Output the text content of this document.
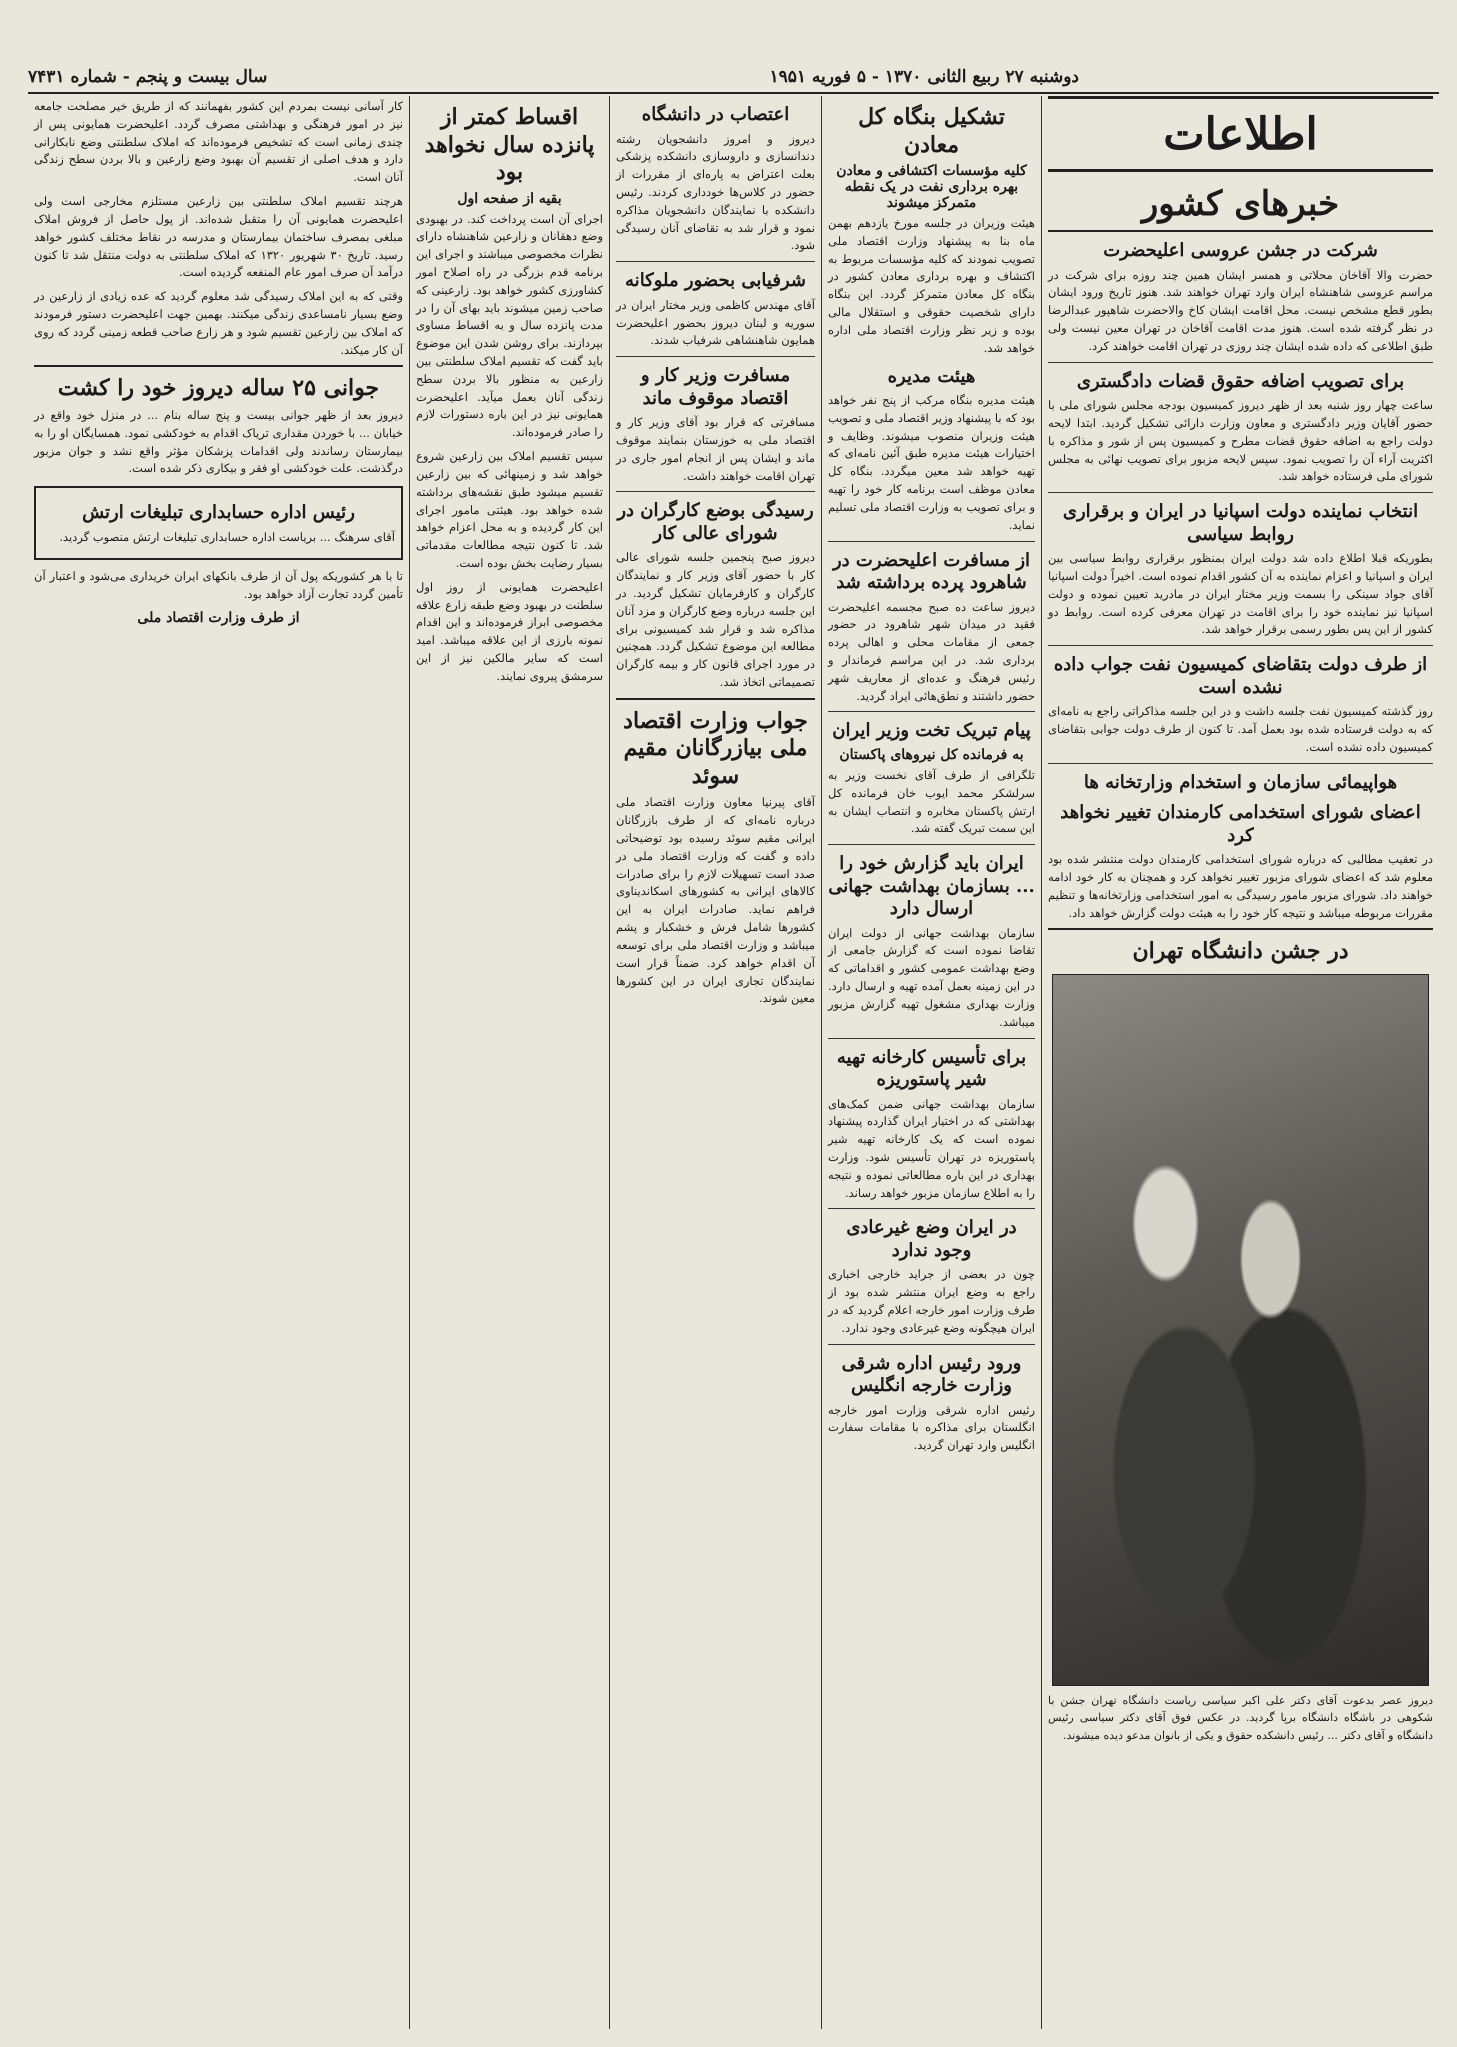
دوشنبه ۲۷ ربیع الثانی ۱۳۷۰ - ۵ فوریه ۱۹۵۱
سال بیست و پنجم - شماره ۷۴۳۱
اطلاعات
خبرهای کشور
شرکت در جشن عروسی اعلیحضرت
حضرت والا آقاخان محلاتی و همسر ایشان همین چند روزه برای شرکت در مراسم عروسی شاهنشاه ایران وارد تهران خواهند شد. هنوز تاریخ ورود ایشان بطور قطع مشخص نیست. محل اقامت ایشان کاخ والاحضرت شاهپور عبدالرضا در نظر گرفته شده است. هنوز مدت اقامت آقاخان در تهران معین نیست ولی طبق اطلاعی که داده شده ایشان چند روزی در تهران اقامت خواهند کرد.
برای تصویب اضافه حقوق قضات دادگستری
ساعت چهار روز شنبه بعد از ظهر دیروز کمیسیون بودجه مجلس شورای ملی با حضور آقایان وزیر دادگستری و معاون وزارت دارائی تشکیل گردید. ابتدا لایحه دولت راجع به اضافه حقوق قضات مطرح و کمیسیون پس از شور و مذاکره با اکثریت آراء آن را تصویب نمود. سپس لایحه مزبور برای تصویب نهائی به مجلس شورای ملی فرستاده خواهد شد.
انتخاب نماینده دولت اسپانیا در ایران و برقراری روابط سیاسی
بطوریکه قبلا اطلاع داده شد دولت ایران بمنظور برقراری روابط سیاسی بین ایران و اسپانیا و اعزام نماینده به آن کشور اقدام نموده است. اخیراً دولت اسپانیا آقای جواد سینکی را بسمت وزیر مختار ایران در مادرید تعیین نموده و دولت اسپانیا نیز نماینده خود را برای اقامت در تهران معرفی کرده است. روابط دو کشور از این پس بطور رسمی برقرار خواهد شد.
از طرف دولت بتقاضای کمیسیون نفت جواب داده نشده است
روز گذشته کمیسیون نفت جلسه داشت و در این جلسه مذاکراتی راجع به نامه‌ای که به دولت فرستاده شده بود بعمل آمد. تا کنون از طرف دولت جوابی بتقاضای کمیسیون داده نشده است.
هواپیمائی سازمان و استخدام وزارتخانه ها
اعضای شورای استخدامی کارمندان تغییر نخواهد کرد
در تعقیب مطالبی که درباره شورای استخدامی کارمندان دولت منتشر شده بود معلوم شد که اعضای شورای مزبور تغییر نخواهد کرد و همچنان به کار خود ادامه خواهند داد. شورای مزبور مامور رسیدگی به امور استخدامی وزارتخانه‌ها و تنظیم مقررات مربوطه میباشد و نتیجه کار خود را به هیئت دولت گزارش خواهد داد.
در جشن دانشگاه تهران
دیروز عصر بدعوت آقای دکتر علی اکبر سیاسی ریاست دانشگاه تهران جشن با شکوهی در باشگاه دانشگاه برپا گردید. در عکس فوق آقای دکتر سیاسی رئیس دانشگاه و آقای دکتر ... رئیس دانشکده حقوق و یکی از بانوان مدعو دیده میشوند.
تشکیل بنگاه کل معادن
کلیه مؤسسات اکتشافی و معادن بهره برداری نفت در یک نقطه متمرکز میشوند
هیئت وزیران در جلسه مورخ یازدهم بهمن ماه بنا به پیشنهاد وزارت اقتصاد ملی تصویب نمودند که کلیه مؤسسات مربوط به اکتشاف و بهره برداری معادن کشور در بنگاه کل معادن متمرکز گردد. این بنگاه دارای شخصیت حقوقی و استقلال مالی بوده و زیر نظر وزارت اقتصاد ملی اداره خواهد شد.
هیئت مدیره
هیئت مدیره بنگاه مرکب از پنج نفر خواهد بود که با پیشنهاد وزیر اقتصاد ملی و تصویب هیئت وزیران منصوب میشوند. وظایف و اختیارات هیئت مدیره طبق آئین نامه‌ای که تهیه خواهد شد معین میگردد. بنگاه کل معادن موظف است برنامه کار خود را تهیه و برای تصویب به وزارت اقتصاد ملی تسلیم نماید.
از مسافرت اعلیحضرت در شاهرود پرده برداشته شد
دیروز ساعت ده صبح مجسمه اعلیحضرت فقید در میدان شهر شاهرود در حضور جمعی از مقامات محلی و اهالی پرده برداری شد. در این مراسم فرماندار و رئیس فرهنگ و عده‌ای از معاریف شهر حضور داشتند و نطق‌هائی ایراد گردید.
پیام تبریک تخت وزیر ایران
به فرمانده کل نیروهای پاکستان
تلگرافی از طرف آقای نخست وزیر به سرلشکر محمد ایوب خان فرمانده کل ارتش پاکستان مخابره و انتصاب ایشان به این سمت تبریک گفته شد.
ایران باید گزارش خود را ... بسازمان بهداشت جهانی ارسال دارد
سازمان بهداشت جهانی از دولت ایران تقاضا نموده است که گزارش جامعی از وضع بهداشت عمومی کشور و اقداماتی که در این زمینه بعمل آمده تهیه و ارسال دارد. وزارت بهداری مشغول تهیه گزارش مزبور میباشد.
برای تأسیس کارخانه تهیه شیر پاستوریزه
سازمان بهداشت جهانی ضمن کمک‌های بهداشتی که در اختیار ایران گذارده پیشنهاد نموده است که یک کارخانه تهیه شیر پاستوریزه در تهران تأسیس شود. وزارت بهداری در این باره مطالعاتی نموده و نتیجه را به اطلاع سازمان مزبور خواهد رساند.
در ایران وضع غیرعادی وجود ندارد
چون در بعضی از جراید خارجی اخباری راجع به وضع ایران منتشر شده بود از طرف وزارت امور خارجه اعلام گردید که در ایران هیچگونه وضع غیرعادی وجود ندارد.
ورود رئیس اداره شرقی وزارت خارجه انگلیس
رئیس اداره شرقی وزارت امور خارجه انگلستان برای مذاکره با مقامات سفارت انگلیس وارد تهران گردید.
اعتصاب در دانشگاه
دیروز و امروز دانشجویان رشته دندانسازی و داروسازی دانشکده پزشکی بعلت اعتراض به پاره‌ای از مقررات از حضور در کلاس‌ها خودداری کردند. رئیس دانشکده با نمایندگان دانشجویان مذاکره نمود و قرار شد به تقاضای آنان رسیدگی شود.
شرفیابی بحضور ملوکانه
آقای مهندس کاظمی وزیر مختار ایران در سوریه و لبنان دیروز بحضور اعلیحضرت همایون شاهنشاهی شرفیاب شدند.
مسافرت وزیر کار و اقتصاد موقوف ماند
مسافرتی که قرار بود آقای وزیر کار و اقتصاد ملی به خوزستان بنمایند موقوف ماند و ایشان پس از انجام امور جاری در تهران اقامت خواهند داشت.
رسیدگی بوضع کارگران در شورای عالی کار
دیروز صبح پنجمین جلسه شورای عالی کار با حضور آقای وزیر کار و نمایندگان کارگران و کارفرمایان تشکیل گردید. در این جلسه درباره وضع کارگران و مزد آنان مذاکره شد و قرار شد کمیسیونی برای مطالعه این موضوع تشکیل گردد. همچنین در مورد اجرای قانون کار و بیمه کارگران تصمیماتی اتخاذ شد.
جواب وزارت اقتصاد ملی بیازرگانان مقیم سوئد
آقای پیرنیا معاون وزارت اقتصاد ملی درباره نامه‌ای که از طرف بازرگانان ایرانی مقیم سوئد رسیده بود توضیحاتی داده و گفت که وزارت اقتصاد ملی در صدد است تسهیلات لازم را برای صادرات کالاهای ایرانی به کشورهای اسکاندیناوی فراهم نماید. صادرات ایران به این کشورها شامل فرش و خشکبار و پشم میباشد و وزارت اقتصاد ملی برای توسعه آن اقدام خواهد کرد. ضمناً قرار است نمایندگان تجاری ایران در این کشورها معین شوند.
اقساط کمتر از پانزده سال نخواهد بود
بقیه از صفحه اول
اجرای آن است پرداخت کند. در بهبودی وضع دهقانان و زارعین شاهنشاه دارای نظرات مخصوصی میباشند و اجرای این برنامه قدم بزرگی در راه اصلاح امور کشاورزی کشور خواهد بود. زارعینی که صاحب زمین میشوند باید بهای آن را در مدت پانزده سال و به اقساط مساوی بپردازند. برای روشن شدن این موضوع باید گفت که تقسیم املاک سلطنتی بین زارعین به منظور بالا بردن سطح زندگی آنان بعمل میآید. اعلیحضرت همایونی نیز در این باره دستورات لازم را صادر فرموده‌اند.
سپس تقسیم املاک بین زارعین شروع خواهد شد و زمینهائی که بین زارعین تقسیم میشود طبق نقشه‌های برداشته شده خواهد بود. هیئتی مامور اجرای این کار گردیده و به محل اعزام خواهد شد. تا کنون نتیجه مطالعات مقدماتی بسیار رضایت بخش بوده است.
اعلیحضرت همایونی از روز اول سلطنت در بهبود وضع طبقه زارع علاقه مخصوصی ابراز فرموده‌اند و این اقدام نمونه بارزی از این علاقه میباشد. امید است که سایر مالکین نیز از این سرمشق پیروی نمایند.
کار آسانی نیست بمردم این کشور بفهمانند که از طریق خیر مصلحت جامعه نیز در امور فرهنگی و بهداشتی مصرف گردد. اعلیحضرت همایونی پس از چندی زمانی است که تشخیص فرموده‌اند که املاک سلطنتی وضع نابکارانی دارد و هدف اصلی از تقسیم آن بهبود وضع زارعین و بالا بردن سطح زندگی آنان است.
هرچند تقسیم املاک سلطنتی بین زارعین مستلزم مخارجی است ولی اعلیحضرت همایونی آن را متقبل شده‌اند. از پول حاصل از فروش املاک مبلغی بمصرف ساختمان بیمارستان و مدرسه در نقاط مختلف کشور خواهد رسید. تاریخ ۳۰ شهریور ۱۳۲۰ که املاک سلطنتی به دولت منتقل شد تا کنون درآمد آن صرف امور عام المنفعه گردیده است.
وقتی که به این املاک رسیدگی شد معلوم گردید که عده زیادی از زارعین در وضع بسیار نامساعدی زندگی میکنند. بهمین جهت اعلیحضرت دستور فرمودند که املاک بین زارعین تقسیم شود و هر زارع صاحب قطعه زمینی گردد که روی آن کار میکند.
جوانی ۲۵ ساله دیروز خود را کشت
دیروز بعد از ظهر جوانی بیست و پنج ساله بنام ... در منزل خود واقع در خیابان ... با خوردن مقداری تریاک اقدام به خودکشی نمود. همسایگان او را به بیمارستان رساندند ولی اقدامات پزشکان مؤثر واقع نشد و جوان مزبور درگذشت. علت خودکشی او فقر و بیکاری ذکر شده است.
رئیس اداره حسابداری تبلیغات ارتش
آقای سرهنگ ... بریاست اداره حسابداری تبلیغات ارتش منصوب گردید.
تا با هر کشوریکه پول آن از طرف بانکهای ایران خریداری می‌شود و اعتبار آن تأمین گردد تجارت آزاد خواهد بود.
از طرف وزارت اقتصاد ملی
